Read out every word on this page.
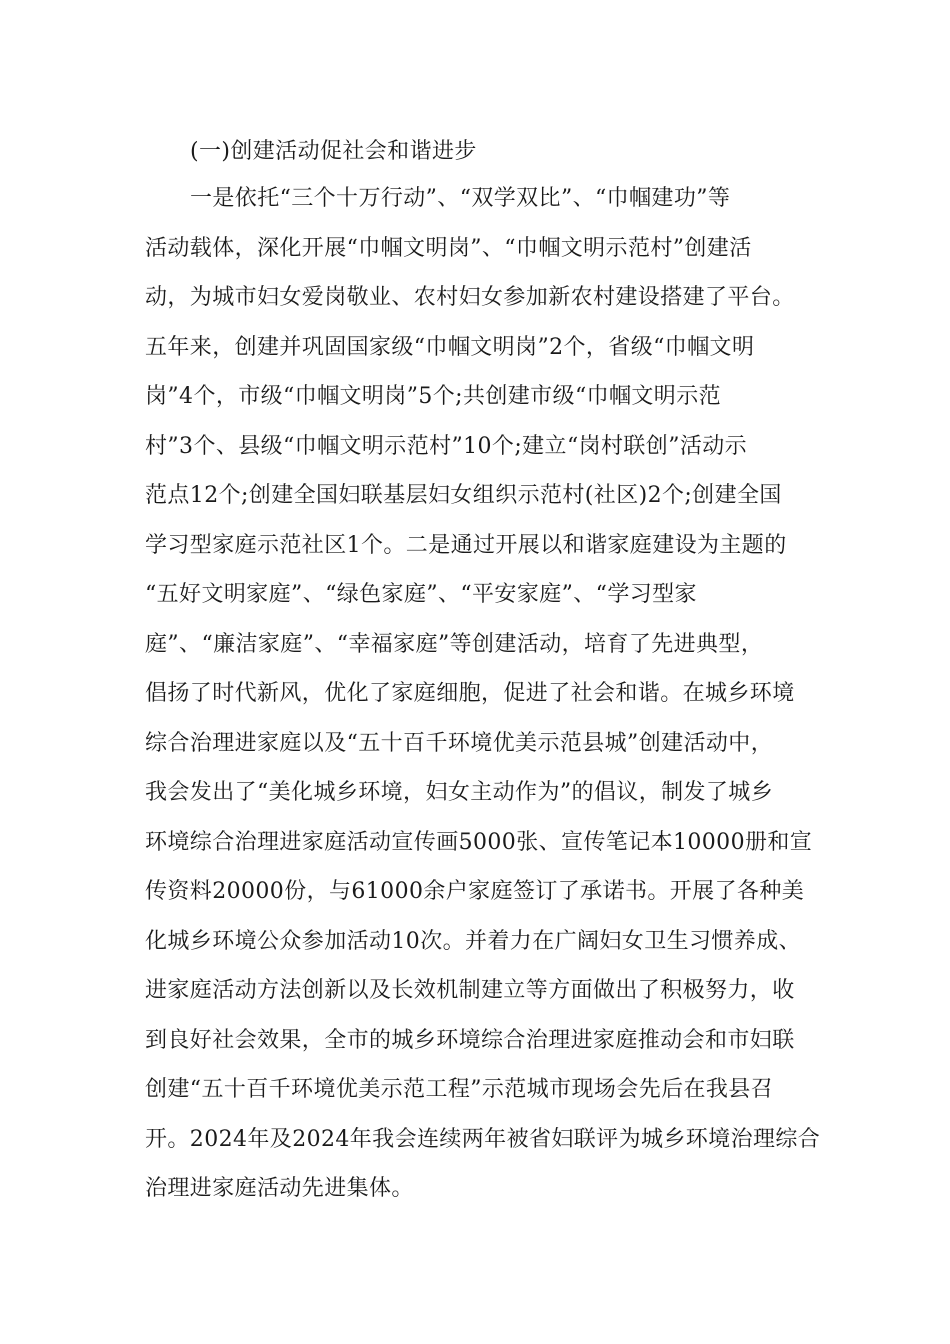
(一)创建活动促社会和谐进步
一是依托“三个十万行动”、“双学双比”、“巾帼建功”等
活动载体，深化开展“巾帼文明岗”、“巾帼文明示范村”创建活
动，为城市妇女爱岗敬业、农村妇女参加新农村建设搭建了平台。
五年来，创建并巩固国家级“巾帼文明岗”2个，省级“巾帼文明
岗”4个，市级“巾帼文明岗”5个;共创建市级“巾帼文明示范
村”3个、县级“巾帼文明示范村”10个;建立“岗村联创”活动示
范点12个;创建全国妇联基层妇女组织示范村(社区)2个;创建全国
学习型家庭示范社区1个。二是通过开展以和谐家庭建设为主题的
“五好文明家庭”、“绿色家庭”、“平安家庭”、“学习型家
庭”、“廉洁家庭”、“幸福家庭”等创建活动，培育了先进典型，
倡扬了时代新风，优化了家庭细胞，促进了社会和谐。在城乡环境
综合治理进家庭以及“五十百千环境优美示范县城”创建活动中，
我会发出了“美化城乡环境，妇女主动作为”的倡议，制发了城乡
环境综合治理进家庭活动宣传画5000张、宣传笔记本10000册和宣
传资料20000份，与61000余户家庭签订了承诺书。开展了各种美
化城乡环境公众参加活动10次。并着力在广阔妇女卫生习惯养成、
进家庭活动方法创新以及长效机制建立等方面做出了积极努力，收
到良好社会效果，全市的城乡环境综合治理进家庭推动会和市妇联
创建“五十百千环境优美示范工程”示范城市现场会先后在我县召
开。2024年及2024年我会连续两年被省妇联评为城乡环境治理综合
治理进家庭活动先进集体。
